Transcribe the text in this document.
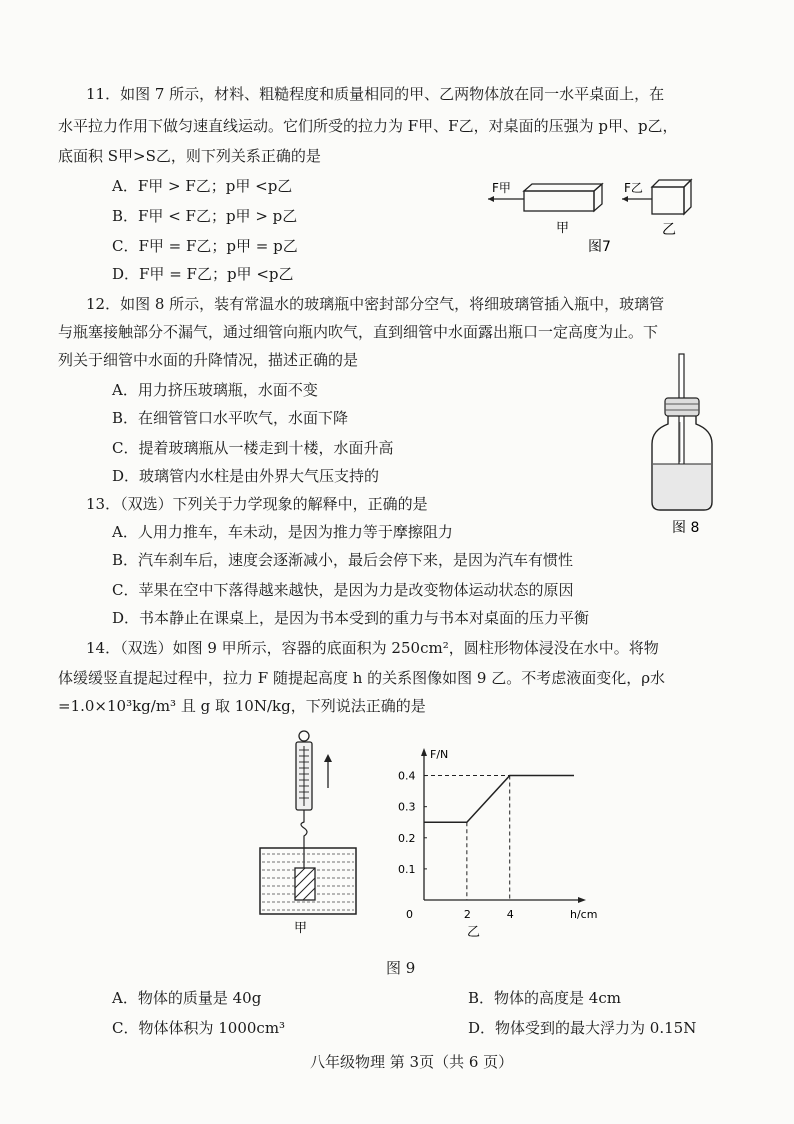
11．如图 7 所示，材料、粗糙程度和质量相同的甲、乙两物体放在同一水平桌面上，在
水平拉力作用下做匀速直线运动。它们所受的拉力为 F甲、F乙，对桌面的压强为 p甲、p乙，
底面积 S甲>S乙，则下列关系正确的是
A．F甲 > F乙；p甲 <p乙
B．F甲 < F乙；p甲 > p乙
C．F甲 = F乙；p甲 = p乙
D．F甲 = F乙；p甲 <p乙
F甲
甲
F乙
乙
图7
12．如图 8 所示，装有常温水的玻璃瓶中密封部分空气，将细玻璃管插入瓶中，玻璃管
与瓶塞接触部分不漏气，通过细管向瓶内吹气，直到细管中水面露出瓶口一定高度为止。下
列关于细管中水面的升降情况，描述正确的是
A．用力挤压玻璃瓶，水面不变
B．在细管管口水平吹气，水面下降
C．提着玻璃瓶从一楼走到十楼，水面升高
D．玻璃管内水柱是由外界大气压支持的
图 8
13．（双选）下列关于力学现象的解释中，正确的是
A．人用力推车，车未动，是因为推力等于摩擦阻力
B．汽车刹车后，速度会逐渐减小，最后会停下来，是因为汽车有惯性
C．苹果在空中下落得越来越快，是因为力是改变物体运动状态的原因
D．书本静止在课桌上，是因为书本受到的重力与书本对桌面的压力平衡
14．（双选）如图 9 甲所示，容器的底面积为 250cm²，圆柱形物体浸没在水中。将物
体缓缓竖直提起过程中，拉力 F 随提起高度 h 的关系图像如图 9 乙。不考虑液面变化，ρ水
=1.0×10³kg/m³ 且 g 取 10N/kg，下列说法正确的是
甲
F/N
h/cm
0	2	4
0.1
0.2
0.3
0.4
乙
图 9
A．物体的质量是 40g	B．物体的高度是 4cm
C．物体体积为 1000cm³	D．物体受到的最大浮力为 0.15N
八年级物理 第 3页（共 6 页）
